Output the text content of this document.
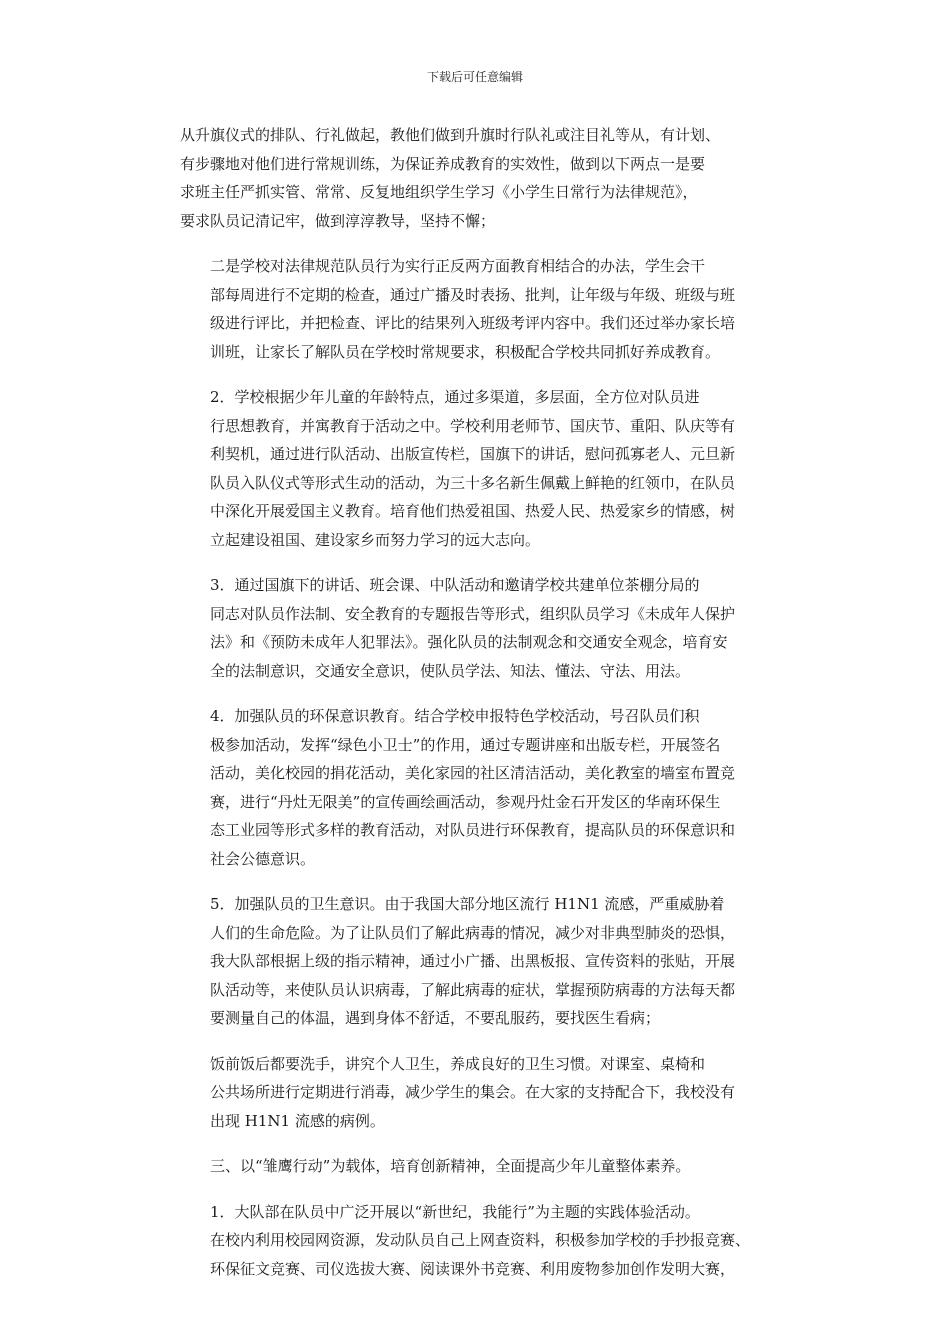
下载后可任意编辑
从升旗仪式的排队、行礼做起，教他们做到升旗时行队礼或注目礼等从，有计划、
有步骤地对他们进行常规训练，为保证养成教育的实效性，做到以下两点一是要
求班主任严抓实管、常常、反复地组织学生学习《小学生日常行为法律规范》，
要求队员记清记牢，做到淳淳教导，坚持不懈；
二是学校对法律规范队员行为实行正反两方面教育相结合的办法，学生会干
部每周进行不定期的检查，通过广播及时表扬、批判，让年级与年级、班级与班
级进行评比，并把检查、评比的结果列入班级考评内容中。我们还过举办家长培
训班，让家长了解队员在学校时常规要求，积极配合学校共同抓好养成教育。
2．学校根据少年儿童的年龄特点，通过多渠道，多层面，全方位对队员进
行思想教育，并寓教育于活动之中。学校利用老师节、国庆节、重阳、队庆等有
利契机，通过进行队活动、出版宣传栏，国旗下的讲话，慰问孤寡老人、元旦新
队员入队仪式等形式生动的活动，为三十多名新生佩戴上鲜艳的红领巾，在队员
中深化开展爱国主义教育。培育他们热爱祖国、热爱人民、热爱家乡的情感，树
立起建设祖国、建设家乡而努力学习的远大志向。
3．通过国旗下的讲话、班会课、中队活动和邀请学校共建单位茶棚分局的
同志对队员作法制、安全教育的专题报告等形式，组织队员学习《未成年人保护
法》和《预防未成年人犯罪法》。强化队员的法制观念和交通安全观念，培育安
全的法制意识，交通安全意识，使队员学法、知法、懂法、守法、用法。
4．加强队员的环保意识教育。结合学校申报特色学校活动，号召队员们积
极参加活动，发挥“绿色小卫士”的作用，通过专题讲座和出版专栏，开展签名
活动，美化校园的捐花活动，美化家园的社区清洁活动，美化教室的墙室布置竞
赛，进行“丹灶无限美”的宣传画绘画活动，参观丹灶金石开发区的华南环保生
态工业园等形式多样的教育活动，对队员进行环保教育，提高队员的环保意识和
社会公德意识。
5．加强队员的卫生意识。由于我国大部分地区流行 H1N1 流感，严重威胁着
人们的生命危险。为了让队员们了解此病毒的情况，减少对非典型肺炎的恐惧，
我大队部根据上级的指示精神，通过小广播、出黑板报、宣传资料的张贴，开展
队活动等，来使队员认识病毒，了解此病毒的症状，掌握预防病毒的方法每天都
要测量自己的体温，遇到身体不舒适，不要乱服药，要找医生看病；
饭前饭后都要洗手，讲究个人卫生，养成良好的卫生习惯。对课室、桌椅和
公共场所进行定期进行消毒，减少学生的集会。在大家的支持配合下，我校没有
出现 H1N1 流感的病例。
三、以“雏鹰行动”为载体，培育创新精神，全面提高少年儿童整体素养。
1．大队部在队员中广泛开展以“新世纪，我能行”为主题的实践体验活动。
在校内利用校园网资源，发动队员自己上网查资料，积极参加学校的手抄报竞赛、
环保征文竞赛、司仪选拔大赛、阅读课外书竞赛、利用废物参加创作发明大赛，
